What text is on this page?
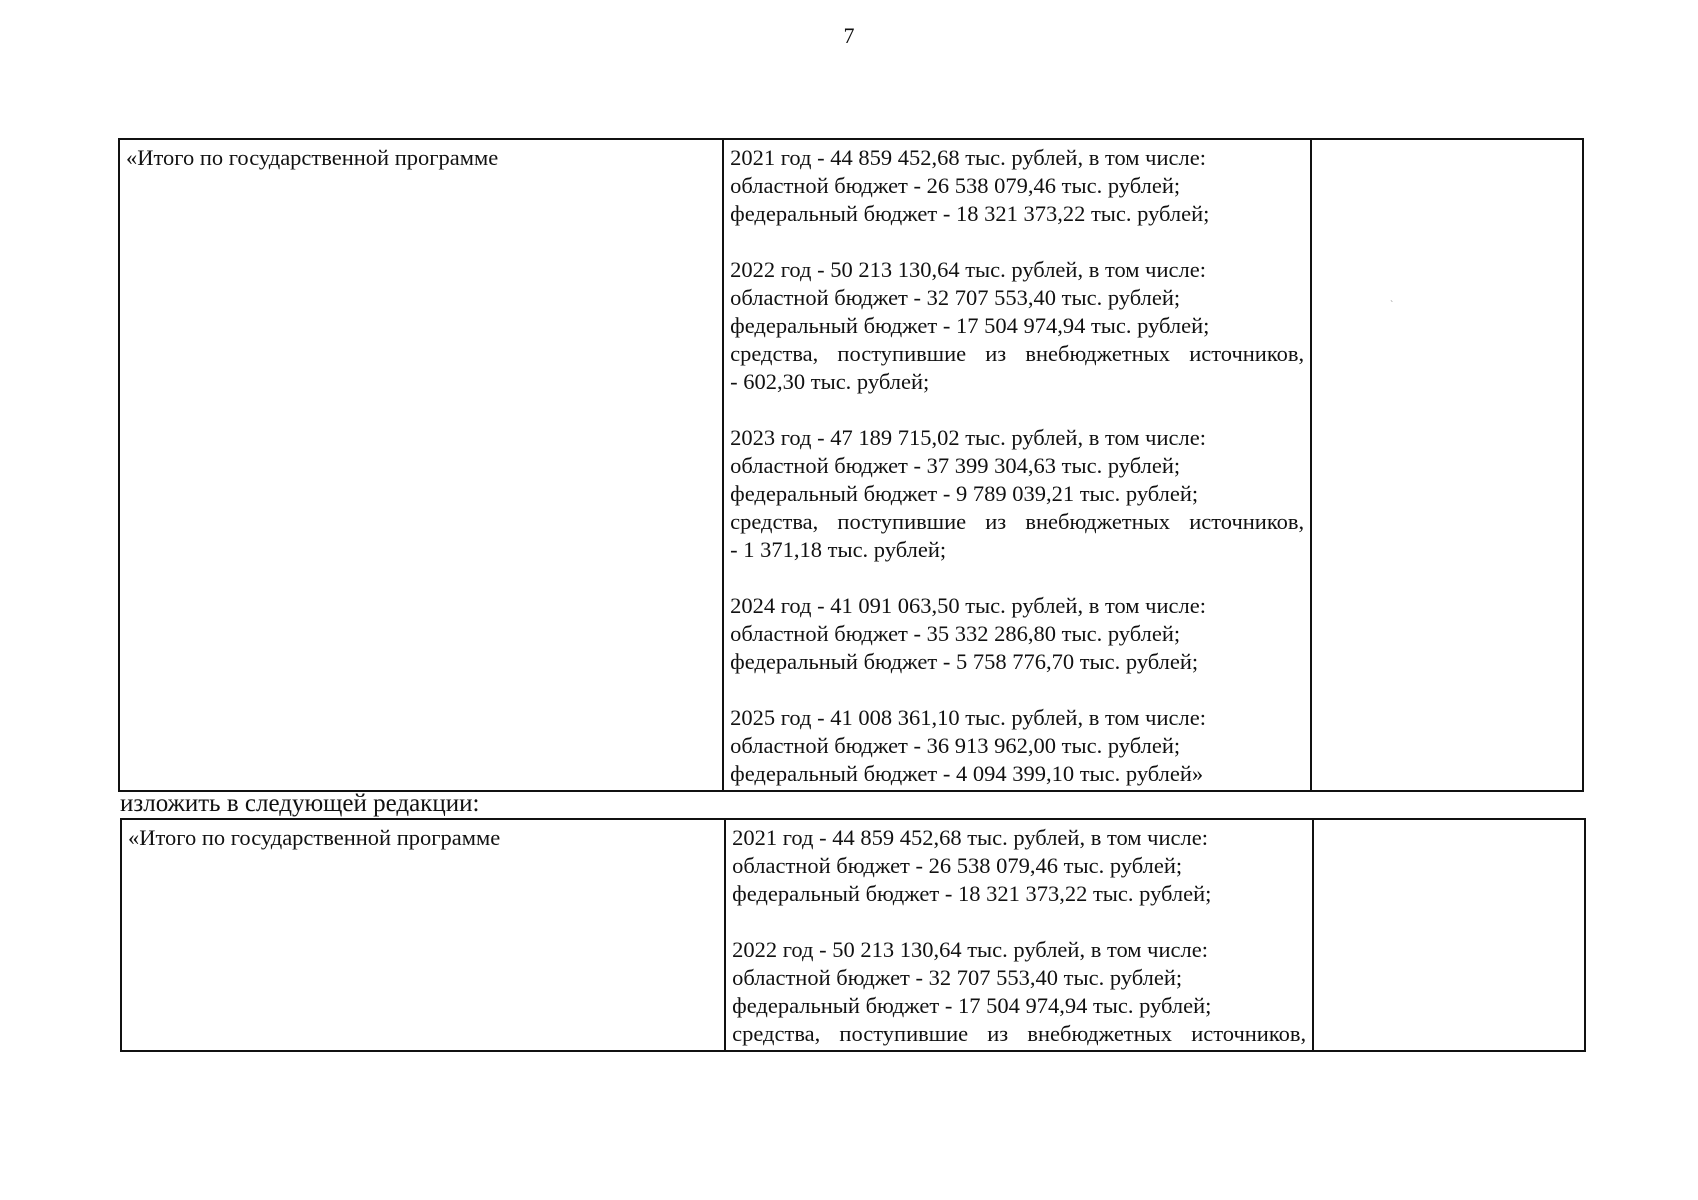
7
`
«Итого по государственной программе	2021 год - 44 859 452,68 тыс. рублей, в том числе:
областной бюджет - 26 538 079,46 тыс. рублей;
федеральный бюджет - 18 321 373,22 тыс. рублей;
2022 год - 50 213 130,64 тыс. рублей, в том числе:
областной бюджет - 32 707 553,40 тыс. рублей;
федеральный бюджет - 17 504 974,94 тыс. рублей;
средства, поступившие из внебюджетных источников,
- 602,30 тыс. рублей;
2023 год - 47 189 715,02 тыс. рублей, в том числе:
областной бюджет - 37 399 304,63 тыс. рублей;
федеральный бюджет - 9 789 039,21 тыс. рублей;
средства, поступившие из внебюджетных источников,
- 1 371,18 тыс. рублей;
2024 год - 41 091 063,50 тыс. рублей, в том числе:
областной бюджет - 35 332 286,80 тыс. рублей;
федеральный бюджет - 5 758 776,70 тыс. рублей;
2025 год - 41 008 361,10 тыс. рублей, в том числе:
областной бюджет - 36 913 962,00 тыс. рублей;
федеральный бюджет - 4 094 399,10 тыс. рублей»

изложить в следующей редакции:
«Итого по государственной программе	2021 год - 44 859 452,68 тыс. рублей, в том числе:
областной бюджет - 26 538 079,46 тыс. рублей;
федеральный бюджет - 18 321 373,22 тыс. рублей;
2022 год - 50 213 130,64 тыс. рублей, в том числе:
областной бюджет - 32 707 553,40 тыс. рублей;
федеральный бюджет - 17 504 974,94 тыс. рублей;
средства, поступившие из внебюджетных источников,
